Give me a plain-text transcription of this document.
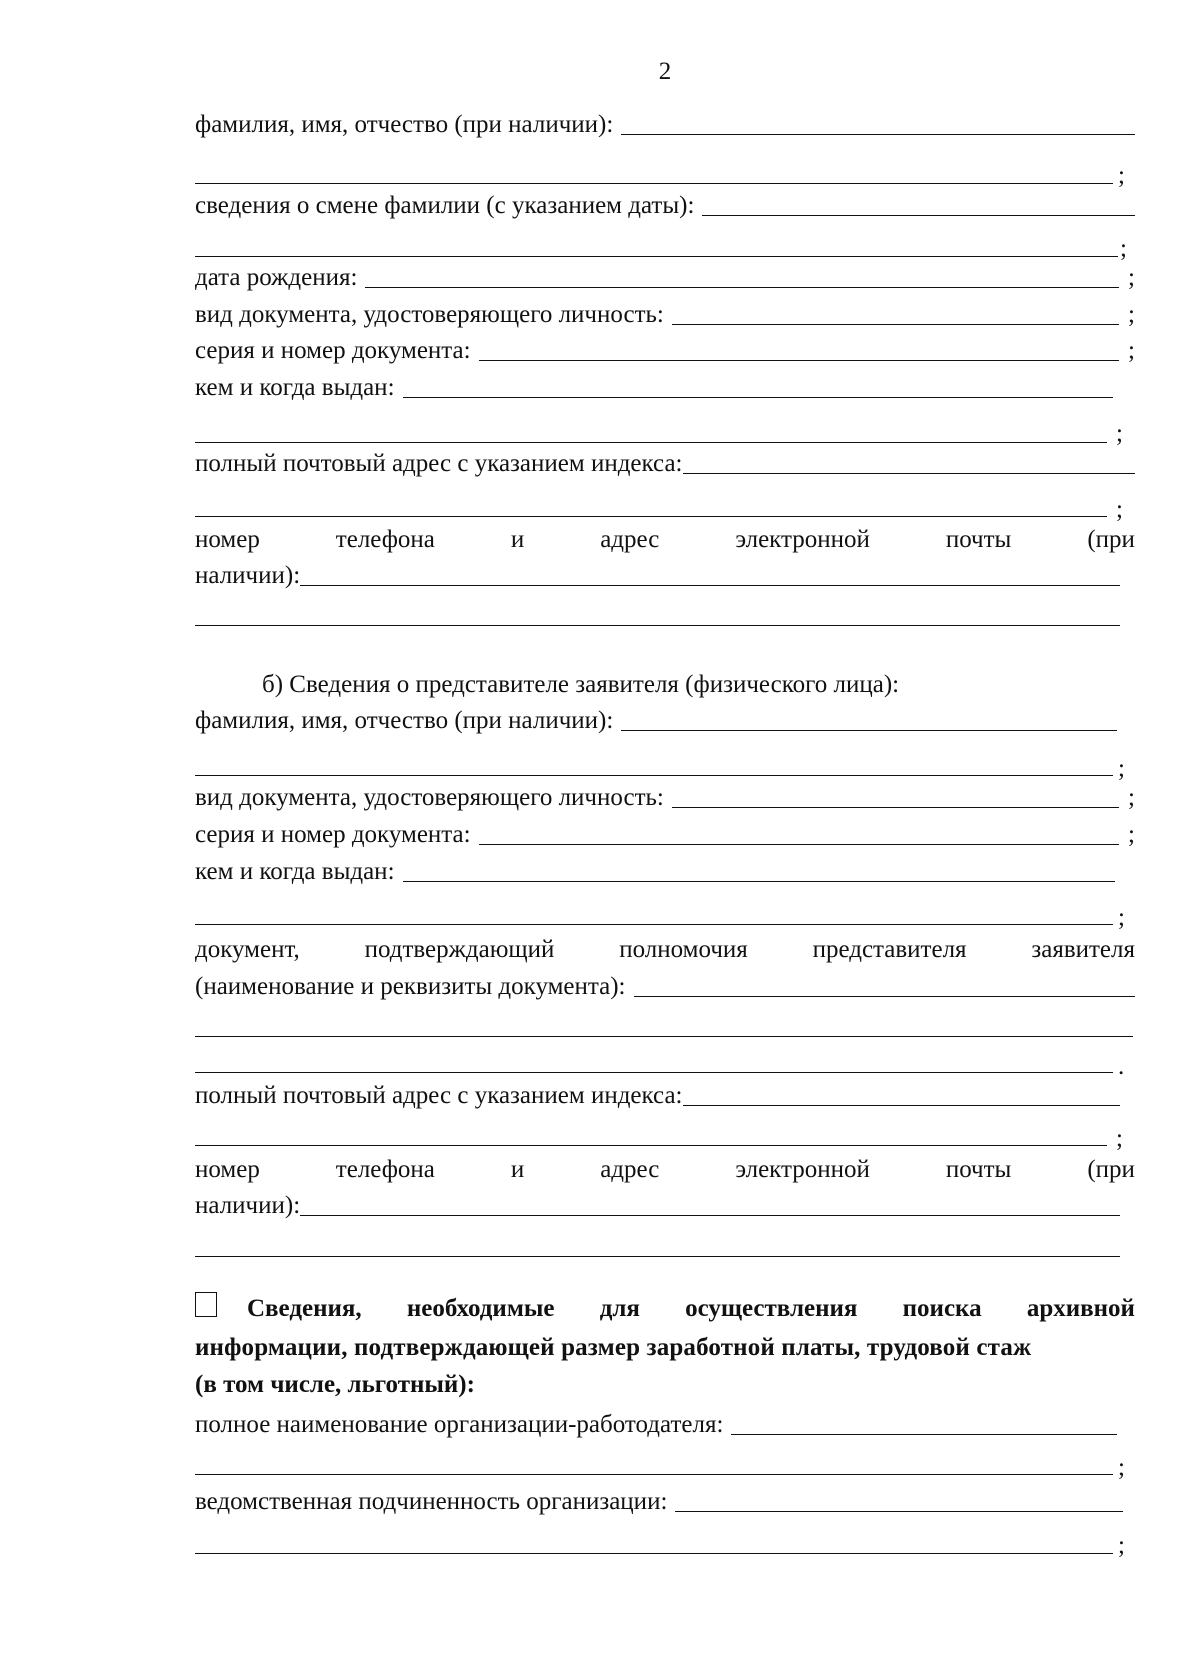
2
фамилия, имя, отчество (при наличии):
;
сведения о смене фамилии (с указанием даты):
;
дата рождения:	;
вид документа, удостоверяющего личность:	;
серия и номер документа:	;
кем и когда выдан:
;
полный почтовый адрес с указанием индекса:
;
номер	телефона	и	адрес	электронной	почты	(при
наличии):
б) Сведения о представителе заявителя (физического лица):
фамилия, имя, отчество (при наличии):
;
вид документа, удостоверяющего личность:	;
серия и номер документа:	;
кем и когда выдан:
;
документ,	подтверждающий	полномочия	представителя	заявителя
(наименование и реквизиты документа):
.
полный почтовый адрес с указанием индекса:
;
номер	телефона	и	адрес	электронной	почты	(при
наличии):
Сведения, необходимые для осуществления поиска архивной
информации, подтверждающей размер заработной платы, трудовой стаж
(в том числе, льготный):
полное наименование организации-работодателя:
;
ведомственная подчиненность организации:
;
